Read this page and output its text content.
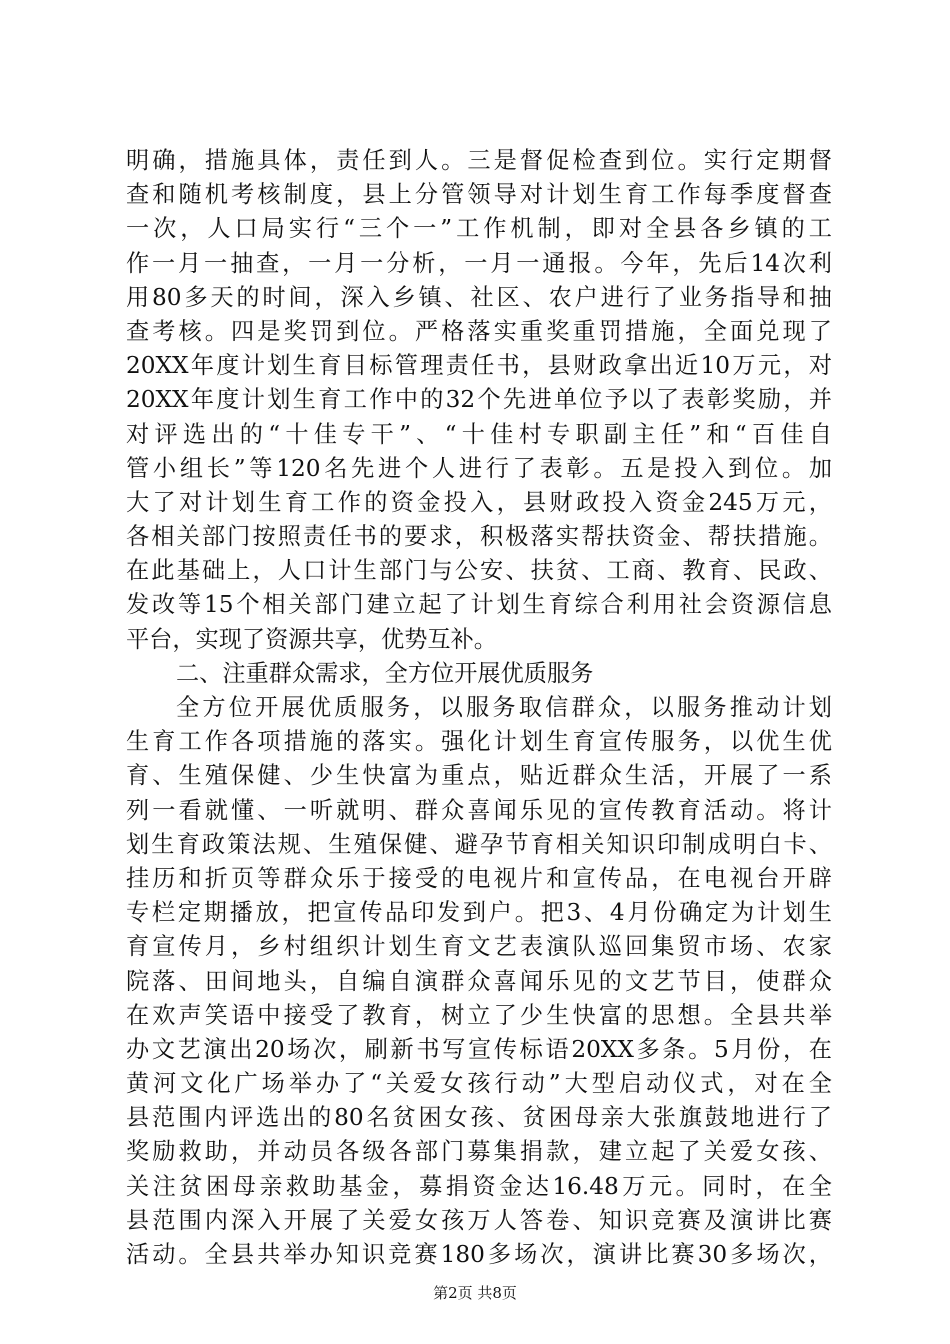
明确，措施具体，责任到人。三是督促检查到位。实行定期督
查和随机考核制度，县上分管领导对计划生育工作每季度督查
一次，人口局实行“三个一”工作机制，即对全县各乡镇的工
作一月一抽查，一月一分析，一月一通报。今年，先后14次利
用80多天的时间，深入乡镇、社区、农户进行了业务指导和抽
查考核。四是奖罚到位。严格落实重奖重罚措施，全面兑现了
20XX年度计划生育目标管理责任书，县财政拿出近10万元，对
20XX年度计划生育工作中的32个先进单位予以了表彰奖励，并
对评选出的“十佳专干”、“十佳村专职副主任”和“百佳自
管小组长”等120名先进个人进行了表彰。五是投入到位。加
大了对计划生育工作的资金投入，县财政投入资金245万元，
各相关部门按照责任书的要求，积极落实帮扶资金、帮扶措施。
在此基础上，人口计生部门与公安、扶贫、工商、教育、民政、
发改等15个相关部门建立起了计划生育综合利用社会资源信息
平台，实现了资源共享，优势互补。
二、注重群众需求，全方位开展优质服务
全方位开展优质服务，以服务取信群众，以服务推动计划
生育工作各项措施的落实。强化计划生育宣传服务，以优生优
育、生殖保健、少生快富为重点，贴近群众生活，开展了一系
列一看就懂、一听就明、群众喜闻乐见的宣传教育活动。将计
划生育政策法规、生殖保健、避孕节育相关知识印制成明白卡、
挂历和折页等群众乐于接受的电视片和宣传品，在电视台开辟
专栏定期播放，把宣传品印发到户。把3、4月份确定为计划生
育宣传月，乡村组织计划生育文艺表演队巡回集贸市场、农家
院落、田间地头，自编自演群众喜闻乐见的文艺节目，使群众
在欢声笑语中接受了教育，树立了少生快富的思想。全县共举
办文艺演出20场次，刷新书写宣传标语20XX多条。5月份，在
黄河文化广场举办了“关爱女孩行动”大型启动仪式，对在全
县范围内评选出的80名贫困女孩、贫困母亲大张旗鼓地进行了
奖励救助，并动员各级各部门募集捐款，建立起了关爱女孩、
关注贫困母亲救助基金，募捐资金达16.48万元。同时，在全
县范围内深入开展了关爱女孩万人答卷、知识竞赛及演讲比赛
活动。全县共举办知识竞赛180多场次，演讲比赛30多场次，
第2页 共8页
